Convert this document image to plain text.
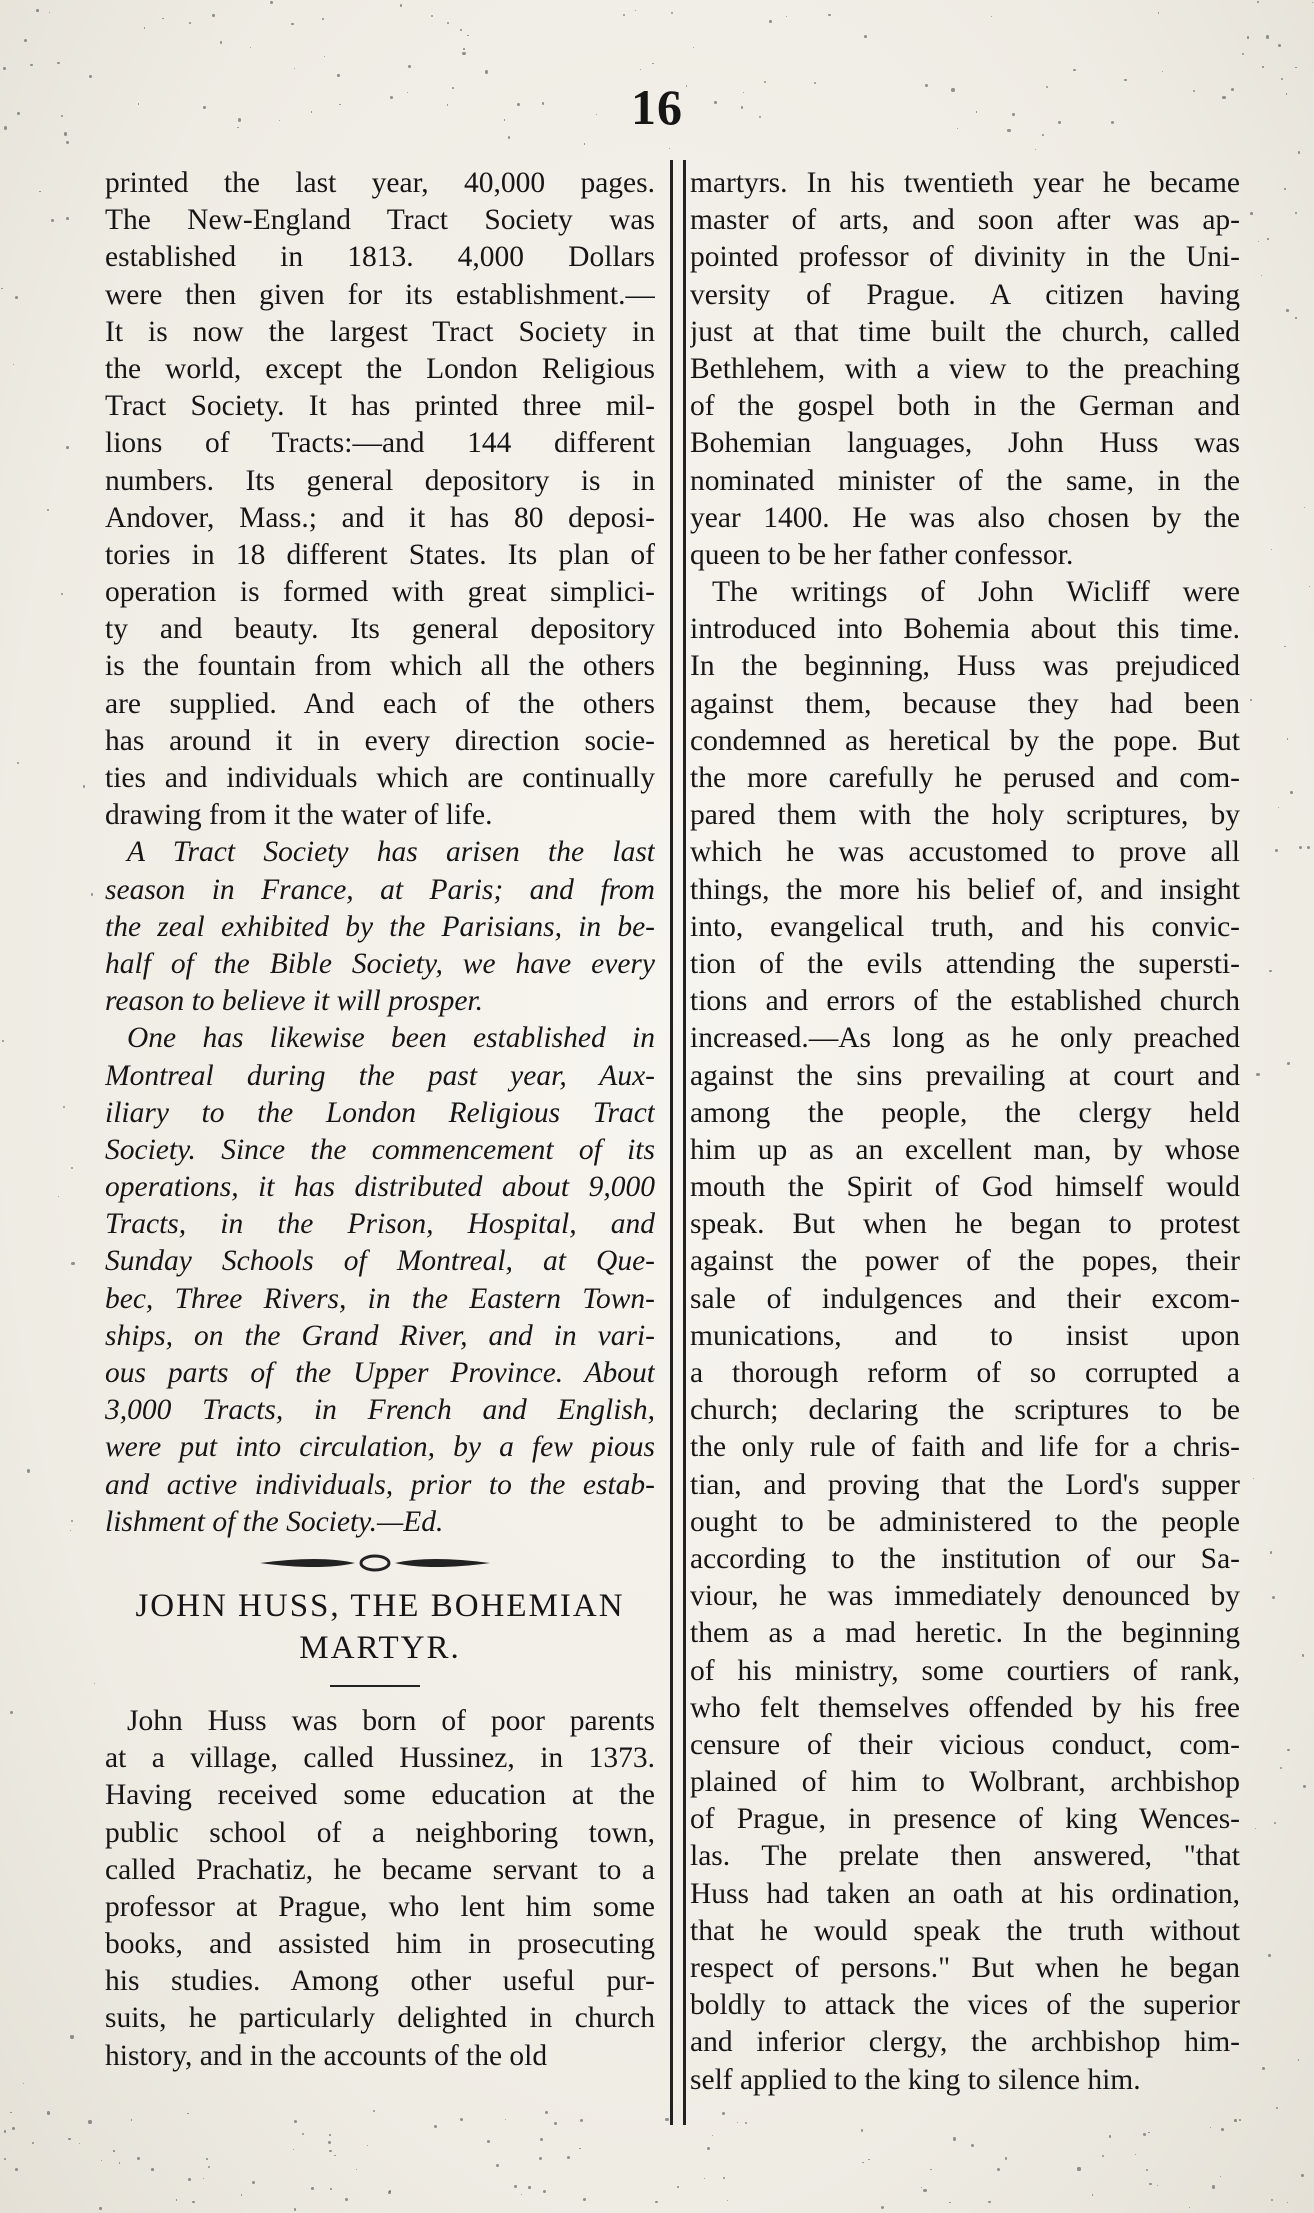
16
printed the last year, 40,000 pages.
The New-England Tract Society was
established in 1813. 4,000 Dollars
were then given for its establishment.—
It is now the largest Tract Society in
the world, except the London Religious
Tract Society. It has printed three mil-
lions of Tracts:—and 144 different
numbers. Its general depository is in
Andover, Mass.; and it has 80 deposi-
tories in 18 different States. Its plan of
operation is formed with great simplici-
ty and beauty. Its general depository
is the fountain from which all the others
are supplied. And each of the others
has around it in every direction socie-
ties and individuals which are continually
drawing from it the water of life.
A Tract Society has arisen the last
season in France, at Paris; and from
the zeal exhibited by the Parisians, in be-
half of the Bible Society, we have every
reason to believe it will prosper.
One has likewise been established in
Montreal during the past year, Aux-
iliary to the London Religious Tract
Society. Since the commencement of its
operations, it has distributed about 9,000
Tracts, in the Prison, Hospital, and
Sunday Schools of Montreal, at Que-
bec, Three Rivers, in the Eastern Town-
ships, on the Grand River, and in vari-
ous parts of the Upper Province. About
3,000 Tracts, in French and English,
were put into circulation, by a few pious
and active individuals, prior to the estab-
lishment of the Society.—Ed.
JOHN HUSS, THE BOHEMIAN
MARTYR.
John Huss was born of poor parents
at a village, called Hussinez, in 1373.
Having received some education at the
public school of a neighboring town,
called Prachatiz, he became servant to a
professor at Prague, who lent him some
books, and assisted him in prosecuting
his studies. Among other useful pur-
suits, he particularly delighted in church
history, and in the accounts of the old
martyrs. In his twentieth year he became
master of arts, and soon after was ap-
pointed professor of divinity in the Uni-
versity of Prague. A citizen having
just at that time built the church, called
Bethlehem, with a view to the preaching
of the gospel both in the German and
Bohemian languages, John Huss was
nominated minister of the same, in the
year 1400. He was also chosen by the
queen to be her father confessor.
The writings of John Wicliff were
introduced into Bohemia about this time.
In the beginning, Huss was prejudiced
against them, because they had been
condemned as heretical by the pope. But
the more carefully he perused and com-
pared them with the holy scriptures, by
which he was accustomed to prove all
things, the more his belief of, and insight
into, evangelical truth, and his convic-
tion of the evils attending the supersti-
tions and errors of the established church
increased.—As long as he only preached
against the sins prevailing at court and
among the people, the clergy held
him up as an excellent man, by whose
mouth the Spirit of God himself would
speak. But when he began to protest
against the power of the popes, their
sale of indulgences and their excom-
munications, and to insist upon
a thorough reform of so corrupted a
church; declaring the scriptures to be
the only rule of faith and life for a chris-
tian, and proving that the Lord's supper
ought to be administered to the people
according to the institution of our Sa-
viour, he was immediately denounced by
them as a mad heretic. In the beginning
of his ministry, some courtiers of rank,
who felt themselves offended by his free
censure of their vicious conduct, com-
plained of him to Wolbrant, archbishop
of Prague, in presence of king Wences-
las. The prelate then answered, "that
Huss had taken an oath at his ordination,
that he would speak the truth without
respect of persons." But when he began
boldly to attack the vices of the superior
and inferior clergy, the archbishop him-
self applied to the king to silence him.
